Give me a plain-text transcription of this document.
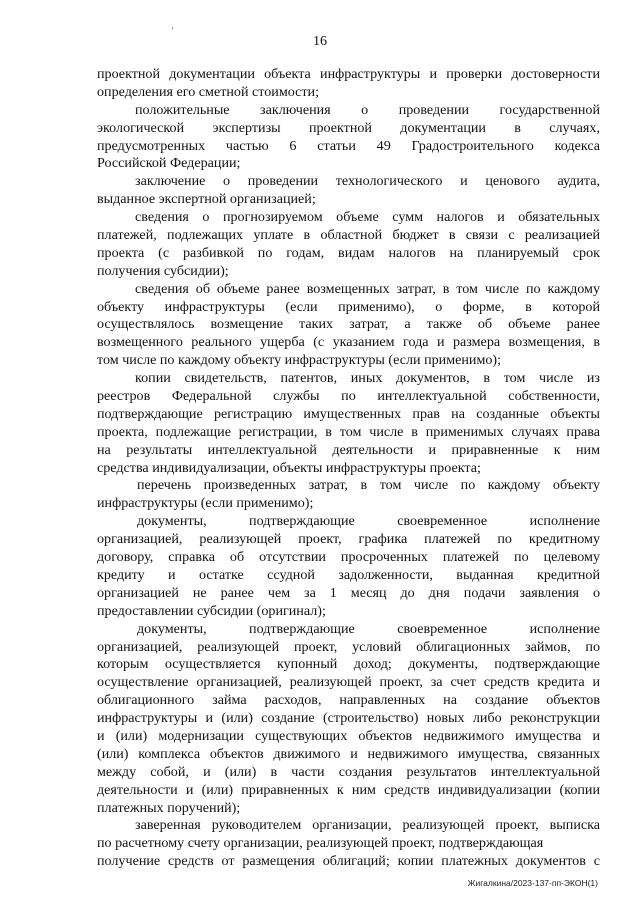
'
16
проектной документации объекта инфраструктуры и проверки достоверности
определения его сметной стоимости;
положительные заключения о проведении государственной
экологической экспертизы проектной документации в случаях,
предусмотренных частью 6 статьи 49 Градостроительного кодекса
Российской Федерации;
заключение о проведении технологического и ценового аудита,
выданное экспертной организацией;
сведения о прогнозируемом объеме сумм налогов и обязательных
платежей, подлежащих уплате в областной бюджет в связи с реализацией
проекта (с разбивкой по годам, видам налогов на планируемый срок
получения субсидии);
сведения об объеме ранее возмещенных затрат, в том числе по каждому
объекту инфраструктуры (если применимо), о форме, в которой
осуществлялось возмещение таких затрат, а также об объеме ранее
возмещенного реального ущерба (с указанием года и размера возмещения, в
том числе по каждому объекту инфраструктуры (если применимо);
копии свидетельств, патентов, иных документов, в том числе из
реестров Федеральной службы по интеллектуальной собственности,
подтверждающие регистрацию имущественных прав на созданные объекты
проекта, подлежащие регистрации, в том числе в применимых случаях права
на результаты интеллектуальной деятельности и приравненные к ним
средства индивидуализации, объекты инфраструктуры проекта;
перечень произведенных затрат, в том числе по каждому объекту
инфраструктуры (если применимо);
документы, подтверждающие своевременное исполнение
организацией, реализующей проект, графика платежей по кредитному
договору, справка об отсутствии просроченных платежей по целевому
кредиту и остатке ссудной задолженности, выданная кредитной
организацией не ранее чем за 1 месяц до дня подачи заявления о
предоставлении субсидии (оригинал);
документы, подтверждающие своевременное исполнение
организацией, реализующей проект, условий облигационных займов, по
которым осуществляется купонный доход; документы, подтверждающие
осуществление организацией, реализующей проект, за счет средств кредита и
облигационного займа расходов, направленных на создание объектов
инфраструктуры и (или) создание (строительство) новых либо реконструкции
и (или) модернизации существующих объектов недвижимого имущества и
(или) комплекса объектов движимого и недвижимого имущества, связанных
между собой, и (или) в части создания результатов интеллектуальной
деятельности и (или) приравненных к ним средств индивидуализации (копии
платежных поручений);
заверенная руководителем организации, реализующей проект, выписка
по расчетному счету организации, реализующей проект, подтверждающая
получение средств от размещения облигаций; копии платежных документов с
Жигалкина/2023-137-пп-ЭКОН(1)
